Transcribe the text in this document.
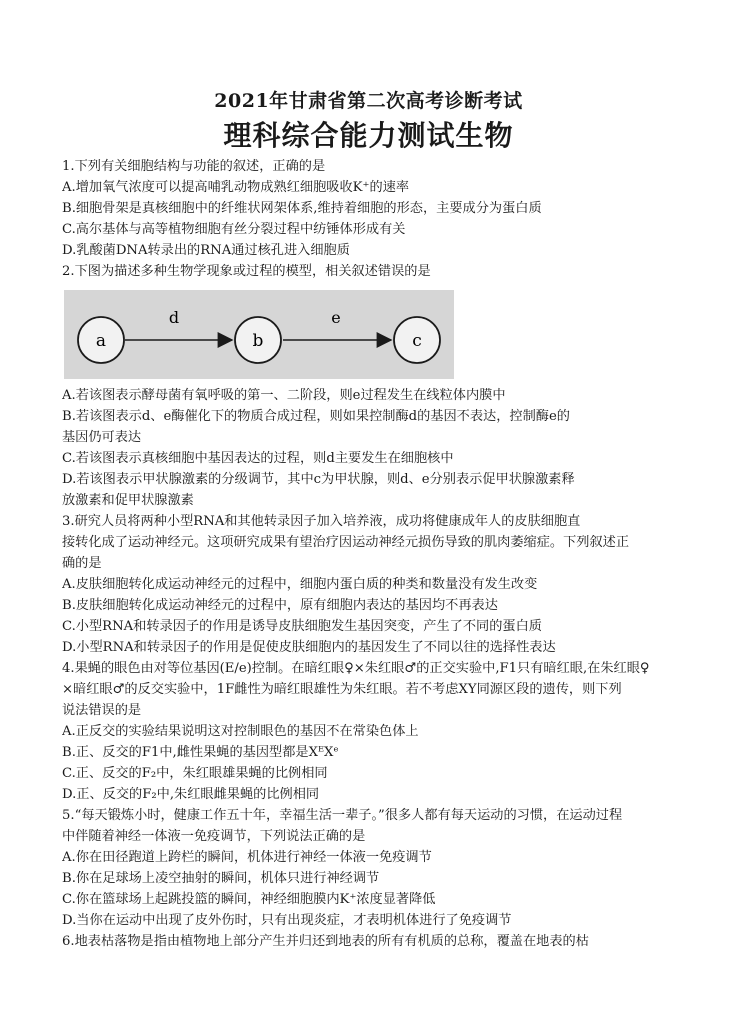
2021年甘肃省第二次高考诊断考试
理科综合能力测试生物
1.下列有关细胞结构与功能的叙述，正确的是
A.增加氧气浓度可以提高哺乳动物成熟红细胞吸收K⁺的速率
B.细胞骨架是真核细胞中的纤维状网架体系,维持着细胞的形态，主要成分为蛋白质
C.高尔基体与高等植物细胞有丝分裂过程中纺锤体形成有关
D.乳酸菌DNA转录出的RNA通过核孔进入细胞质
2.下图为描述多种生物学现象或过程的模型，相关叙述错误的是
a	b	c
d	e
A.若该图表示酵母菌有氧呼吸的第一、二阶段，则e过程发生在线粒体内膜中
B.若该图表示d、e酶催化下的物质合成过程，则如果控制酶d的基因不表达，控制酶e的
基因仍可表达
C.若该图表示真核细胞中基因表达的过程，则d主要发生在细胞核中
D.若该图表示甲状腺激素的分级调节，其中c为甲状腺，则d、e分别表示促甲状腺激素释
放激素和促甲状腺激素
3.研究人员将两种小型RNA和其他转录因子加入培养液，成功将健康成年人的皮肤细胞直
接转化成了运动神经元。这项研究成果有望治疗因运动神经元损伤导致的肌肉萎缩症。下列叙述正
确的是
A.皮肤细胞转化成运动神经元的过程中，细胞内蛋白质的种类和数量没有发生改变
B.皮肤细胞转化成运动神经元的过程中，原有细胞内表达的基因均不再表达
C.小型RNA和转录因子的作用是诱导皮肤细胞发生基因突变，产生了不同的蛋白质
D.小型RNA和转录因子的作用是促使皮肤细胞内的基因发生了不同以往的选择性表达
4.果蝇的眼色由对等位基因(E/e)控制。在暗红眼♀×朱红眼♂的正交实验中,F1只有暗红眼,在朱红眼♀
×暗红眼♂的反交实验中，1F雌性为暗红眼雄性为朱红眼。若不考虑XY同源区段的遗传，则下列
说法错误的是
A.正反交的实验结果说明这对控制眼色的基因不在常染色体上
B.正、反交的F1中,雌性果蝇的基因型都是XᴱXᵉ
C.正、反交的F₂中，朱红眼雄果蝇的比例相同
D.正、反交的F₂中,朱红眼雌果蝇的比例相同
5.“每天锻炼小时，健康工作五十年，幸福生活一辈子。”很多人都有每天运动的习惯，在运动过程
中伴随着神经一体液一免疫调节，下列说法正确的是
A.你在田径跑道上跨栏的瞬间，机体进行神经一体液一免疫调节
B.你在足球场上凌空抽射的瞬间，机体只进行神经调节
C.你在篮球场上起跳投篮的瞬间，神经细胞膜内K⁺浓度显著降低
D.当你在运动中出现了皮外伤时，只有出现炎症，才表明机体进行了免疫调节
6.地表枯落物是指由植物地上部分产生并归还到地表的所有有机质的总称，覆盖在地表的枯
